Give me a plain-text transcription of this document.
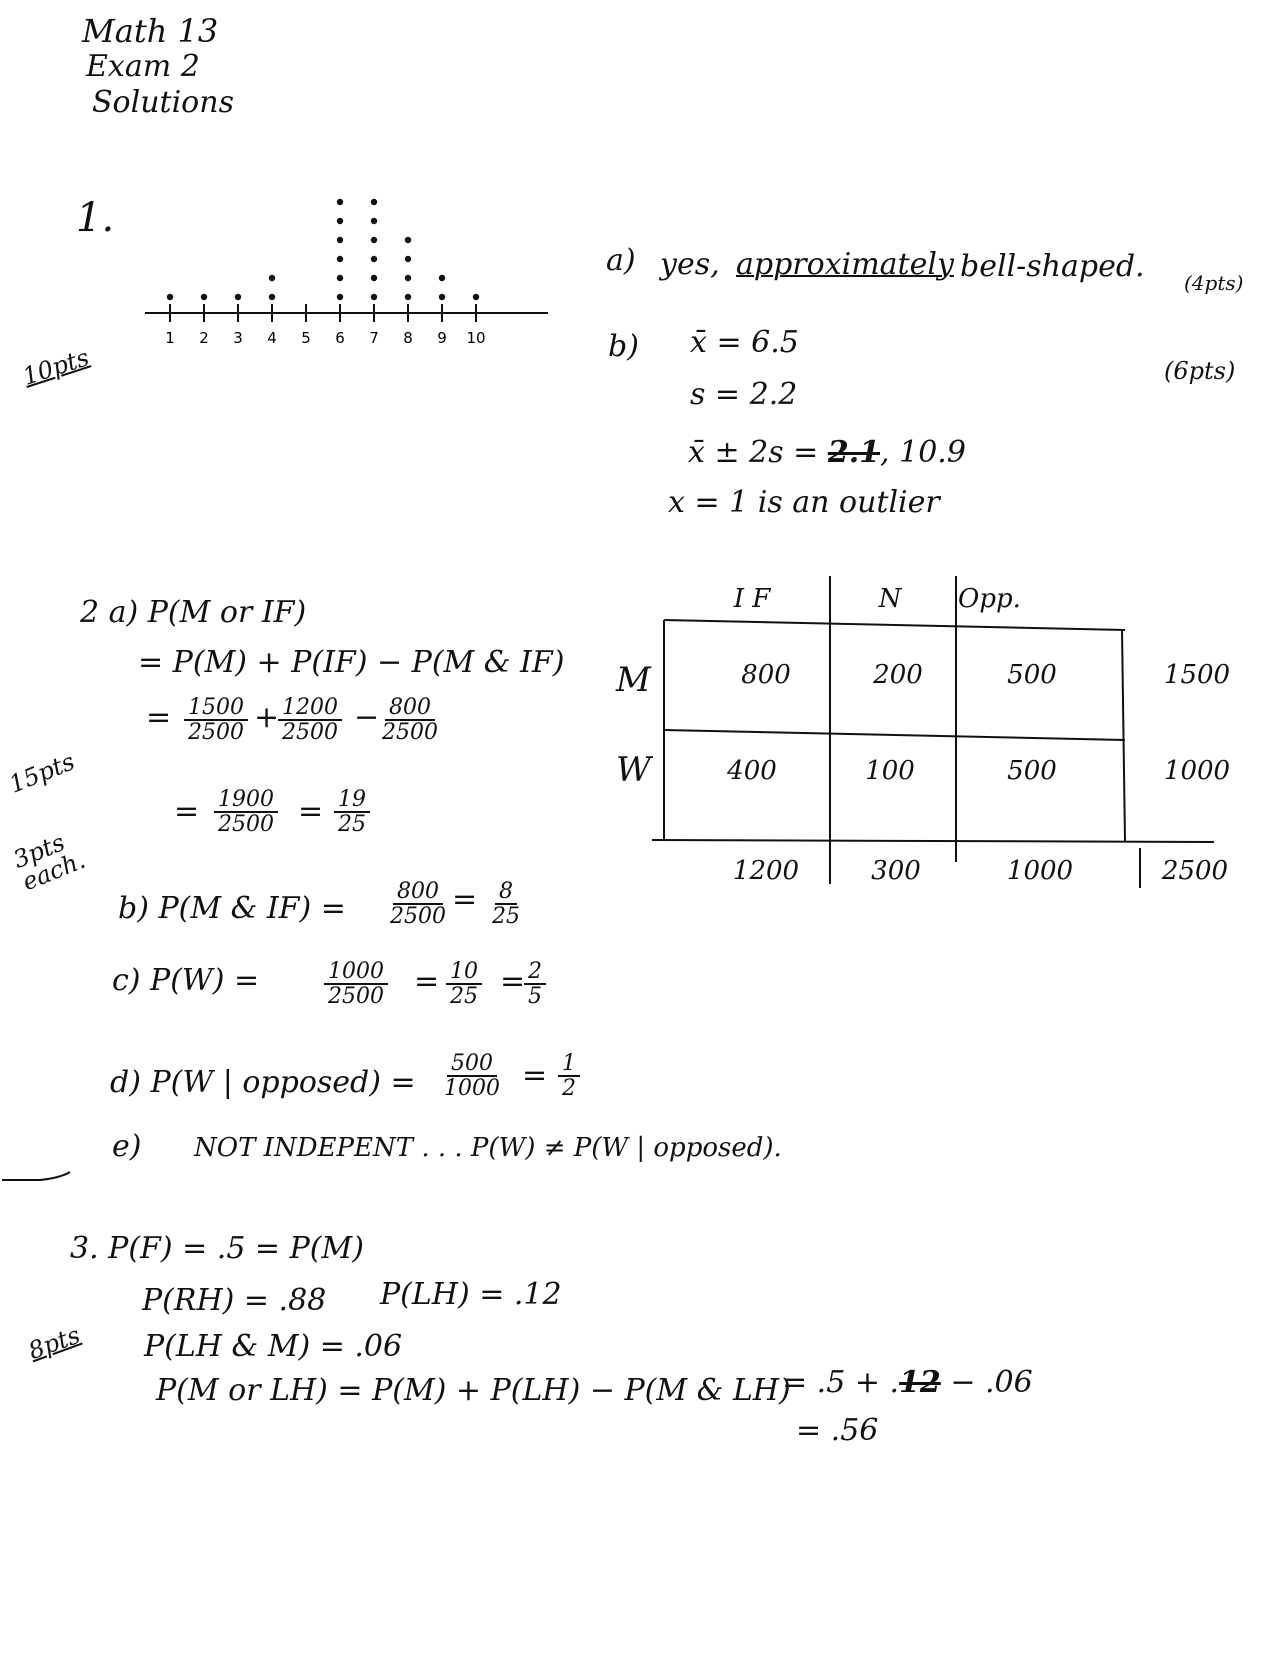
Math 13
Exam 2
Solutions
1.
10pts
1 2 3 4 5 6 7 8 9 10
a) yes, approximately bell-shaped. (4pts)
b)
(6pts)
x̄ = 6.5
s = 2.2
x̄ ± 2s = 2.1, 10.9
x = 1 is an outlier
2 a) P(M or IF)
= P(M) + P(IF) − P(M & IF)
= $\frac{1500}{2500}$ +
$\frac{1200}{2500}$ −
$\frac{800}{2500}$
= $\frac{1900}{2500} = \frac{19}{25}$
15pts
3pts each.
b) P(M & $IF) = \frac{800}{2500} = \frac{8}{25}$
c) P(W) =	$\frac{1000}{2500} = \frac{10}{25}$ =
$\frac{2}{5}$
d) P(W | opposed) = $\frac{500}{1000} = \frac{1}{2}$
e) NOT INDEPENT . . . P(W) ≠ P(W | opposed).
I F	N	Opp.
M	800	200	500	1500
W	400	100	500	1000
1200	300	1000	2500
3. P(F) = .5 = P(M)
P(RH) = .88 P(LH) = .12
P(LH & M) = .06
P(M or LH) = P(M) + P(LH) − P(M & LH)
= .5 + .12 − .06
= .56
8pts
